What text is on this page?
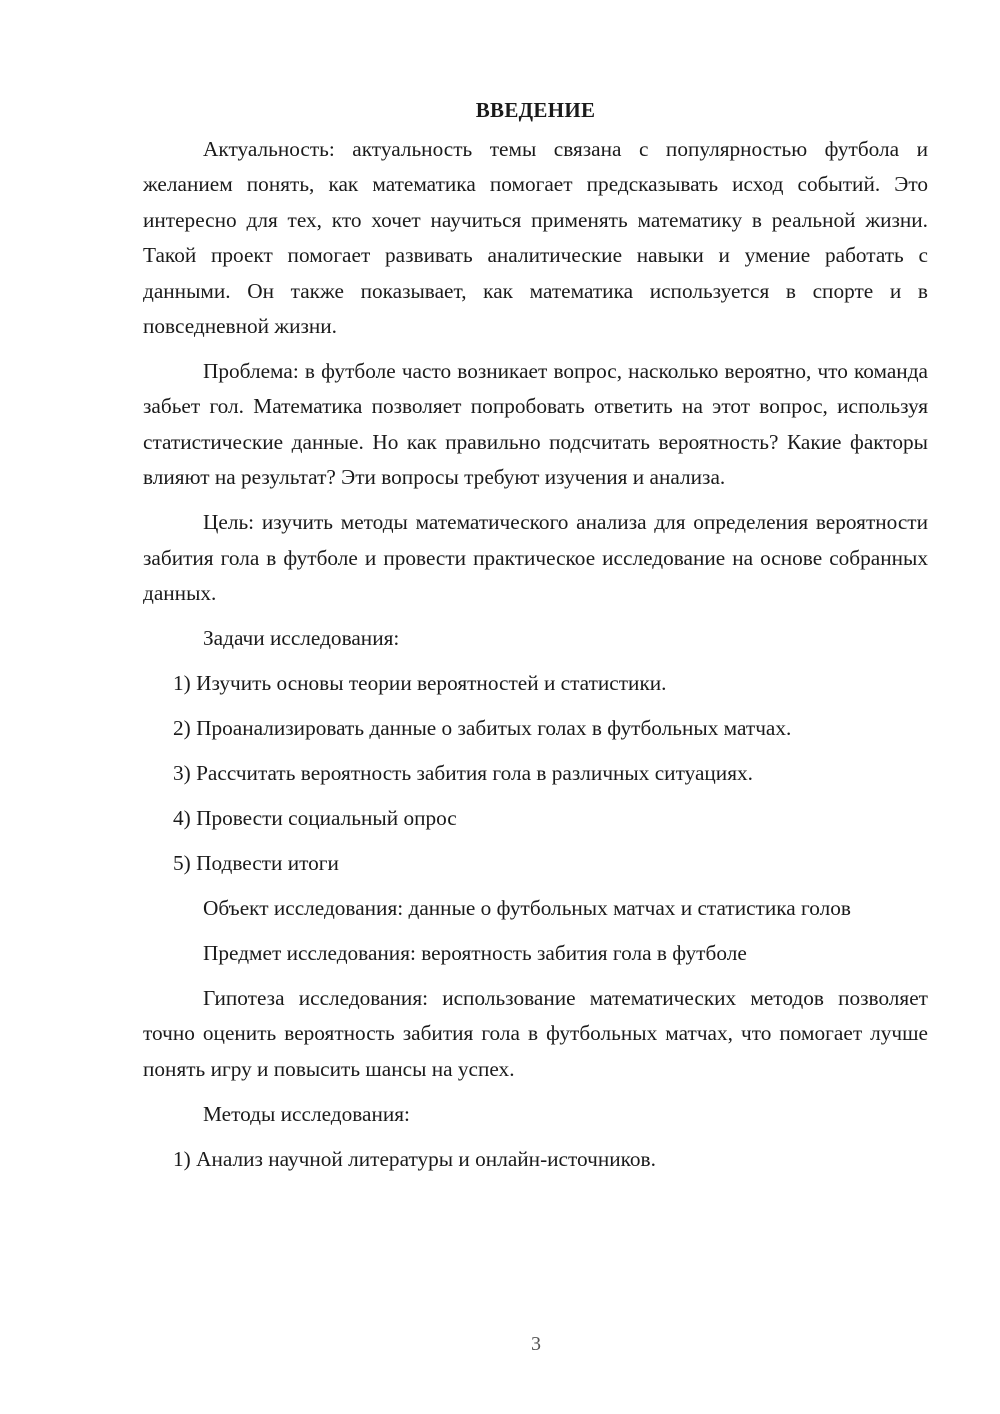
ВВЕДЕНИЕ

Актуальность: актуальность темы связана с популярностью футбола и желанием понять, как математика помогает предсказывать исход событий. Это интересно для тех, кто хочет научиться применять математику в реальной жизни. Такой проект помогает развивать аналитические навыки и умение работать с данными. Он также показывает, как математика используется в спорте и в повседневной жизни.

Проблема: в футболе часто возникает вопрос, насколько вероятно, что команда забьет гол. Математика позволяет попробовать ответить на этот вопрос, используя статистические данные. Но как правильно подсчитать вероятность? Какие факторы влияют на результат? Эти вопросы требуют изучения и анализа.

Цель: изучить методы математического анализа для определения вероятности забития гола в футболе и провести практическое исследование на основе собранных данных.

Задачи исследования:

1) Изучить основы теории вероятностей и статистики.

2) Проанализировать данные о забитых голах в футбольных матчах.

3) Рассчитать вероятность забития гола в различных ситуациях.

4) Провести социальный опрос

5) Подвести итоги

Объект исследования: данные о футбольных матчах и статистика голов

Предмет исследования: вероятность забития гола в футболе

Гипотеза исследования: использование математических методов позволяет точно оценить вероятность забития гола в футбольных матчах, что помогает лучше понять игру и повысить шансы на успех.

Методы исследования:

1) Анализ научной литературы и онлайн-источников.

3
